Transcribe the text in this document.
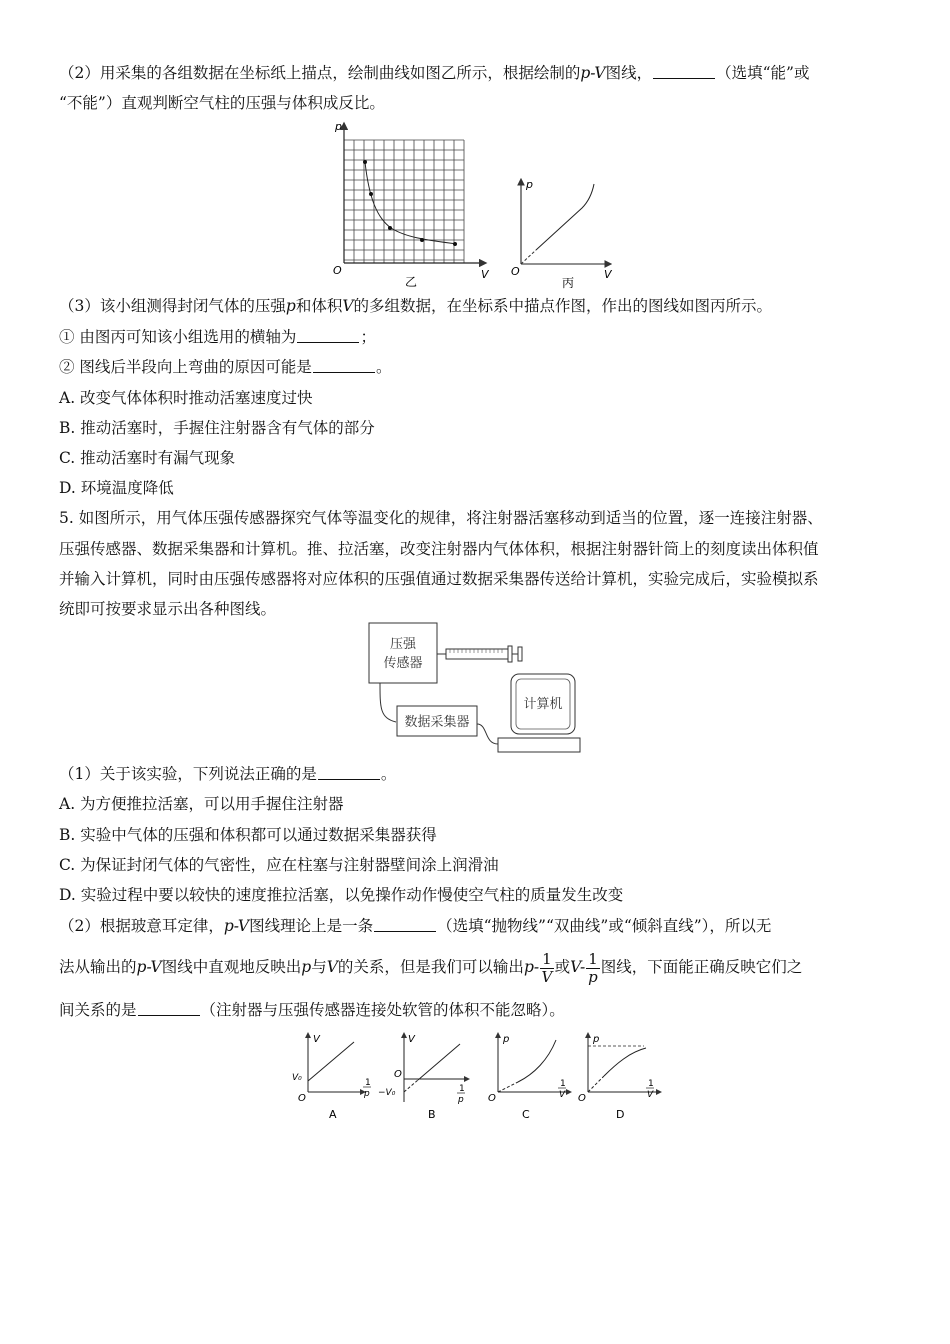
（2）用采集的各组数据在坐标纸上描点，绘制曲线如图乙所示，根据绘制的p-V图线，	（选填“能”或
“不能”）直观判断空气柱的压强与体积成反比。
p
V
O
乙
p
V
O
丙
（3）该小组测得封闭气体的压强p和体积V的多组数据，在坐标系中描点作图，作出的图线如图丙所示。
① 由图丙可知该小组选用的横轴为	；
② 图线后半段向上弯曲的原因可能是	。
A. 改变气体体积时推动活塞速度过快
B. 推动活塞时，手握住注射器含有气体的部分
C. 推动活塞时有漏气现象
D. 环境温度降低
5. 如图所示，用气体压强传感器探究气体等温变化的规律，将注射器活塞移动到适当的位置，逐一连接注射器、
压强传感器、数据采集器和计算机。推、拉活塞，改变注射器内气体体积，根据注射器针筒上的刻度读出体积值
并输入计算机，同时由压强传感器将对应体积的压强值通过数据采集器传送给计算机，实验完成后，实验模拟系
统即可按要求显示出各种图线。
压强
传感器
数据采集器
计算机
（1）关于该实验，下列说法正确的是	。
A. 为方便推拉活塞，可以用手握住注射器
B. 实验中气体的压强和体积都可以通过数据采集器获得
C. 为保证封闭气体的气密性，应在柱塞与注射器壁间涂上润滑油
D. 实验过程中要以较快的速度推拉活塞，以免操作动作慢使空气柱的质量发生改变
（2）根据玻意耳定律，p-V图线理论上是一条	（选填“抛物线”“双曲线”或“倾斜直线”），所以无
法从输出的p-V图线中直观地反映出p与V的关系，但是我们可以输出$p- \frac{1}{V}$ 或$V- \frac{1}{p}$ 图线，下面能正确反映它们之
间关系的是	（注射器与压强传感器连接处软管的体积不能忽略）。
V
V₀
O
1
p
A
V
O
−V₀	1
p
B
p
O
1
V
C
p
O
1
V
D
